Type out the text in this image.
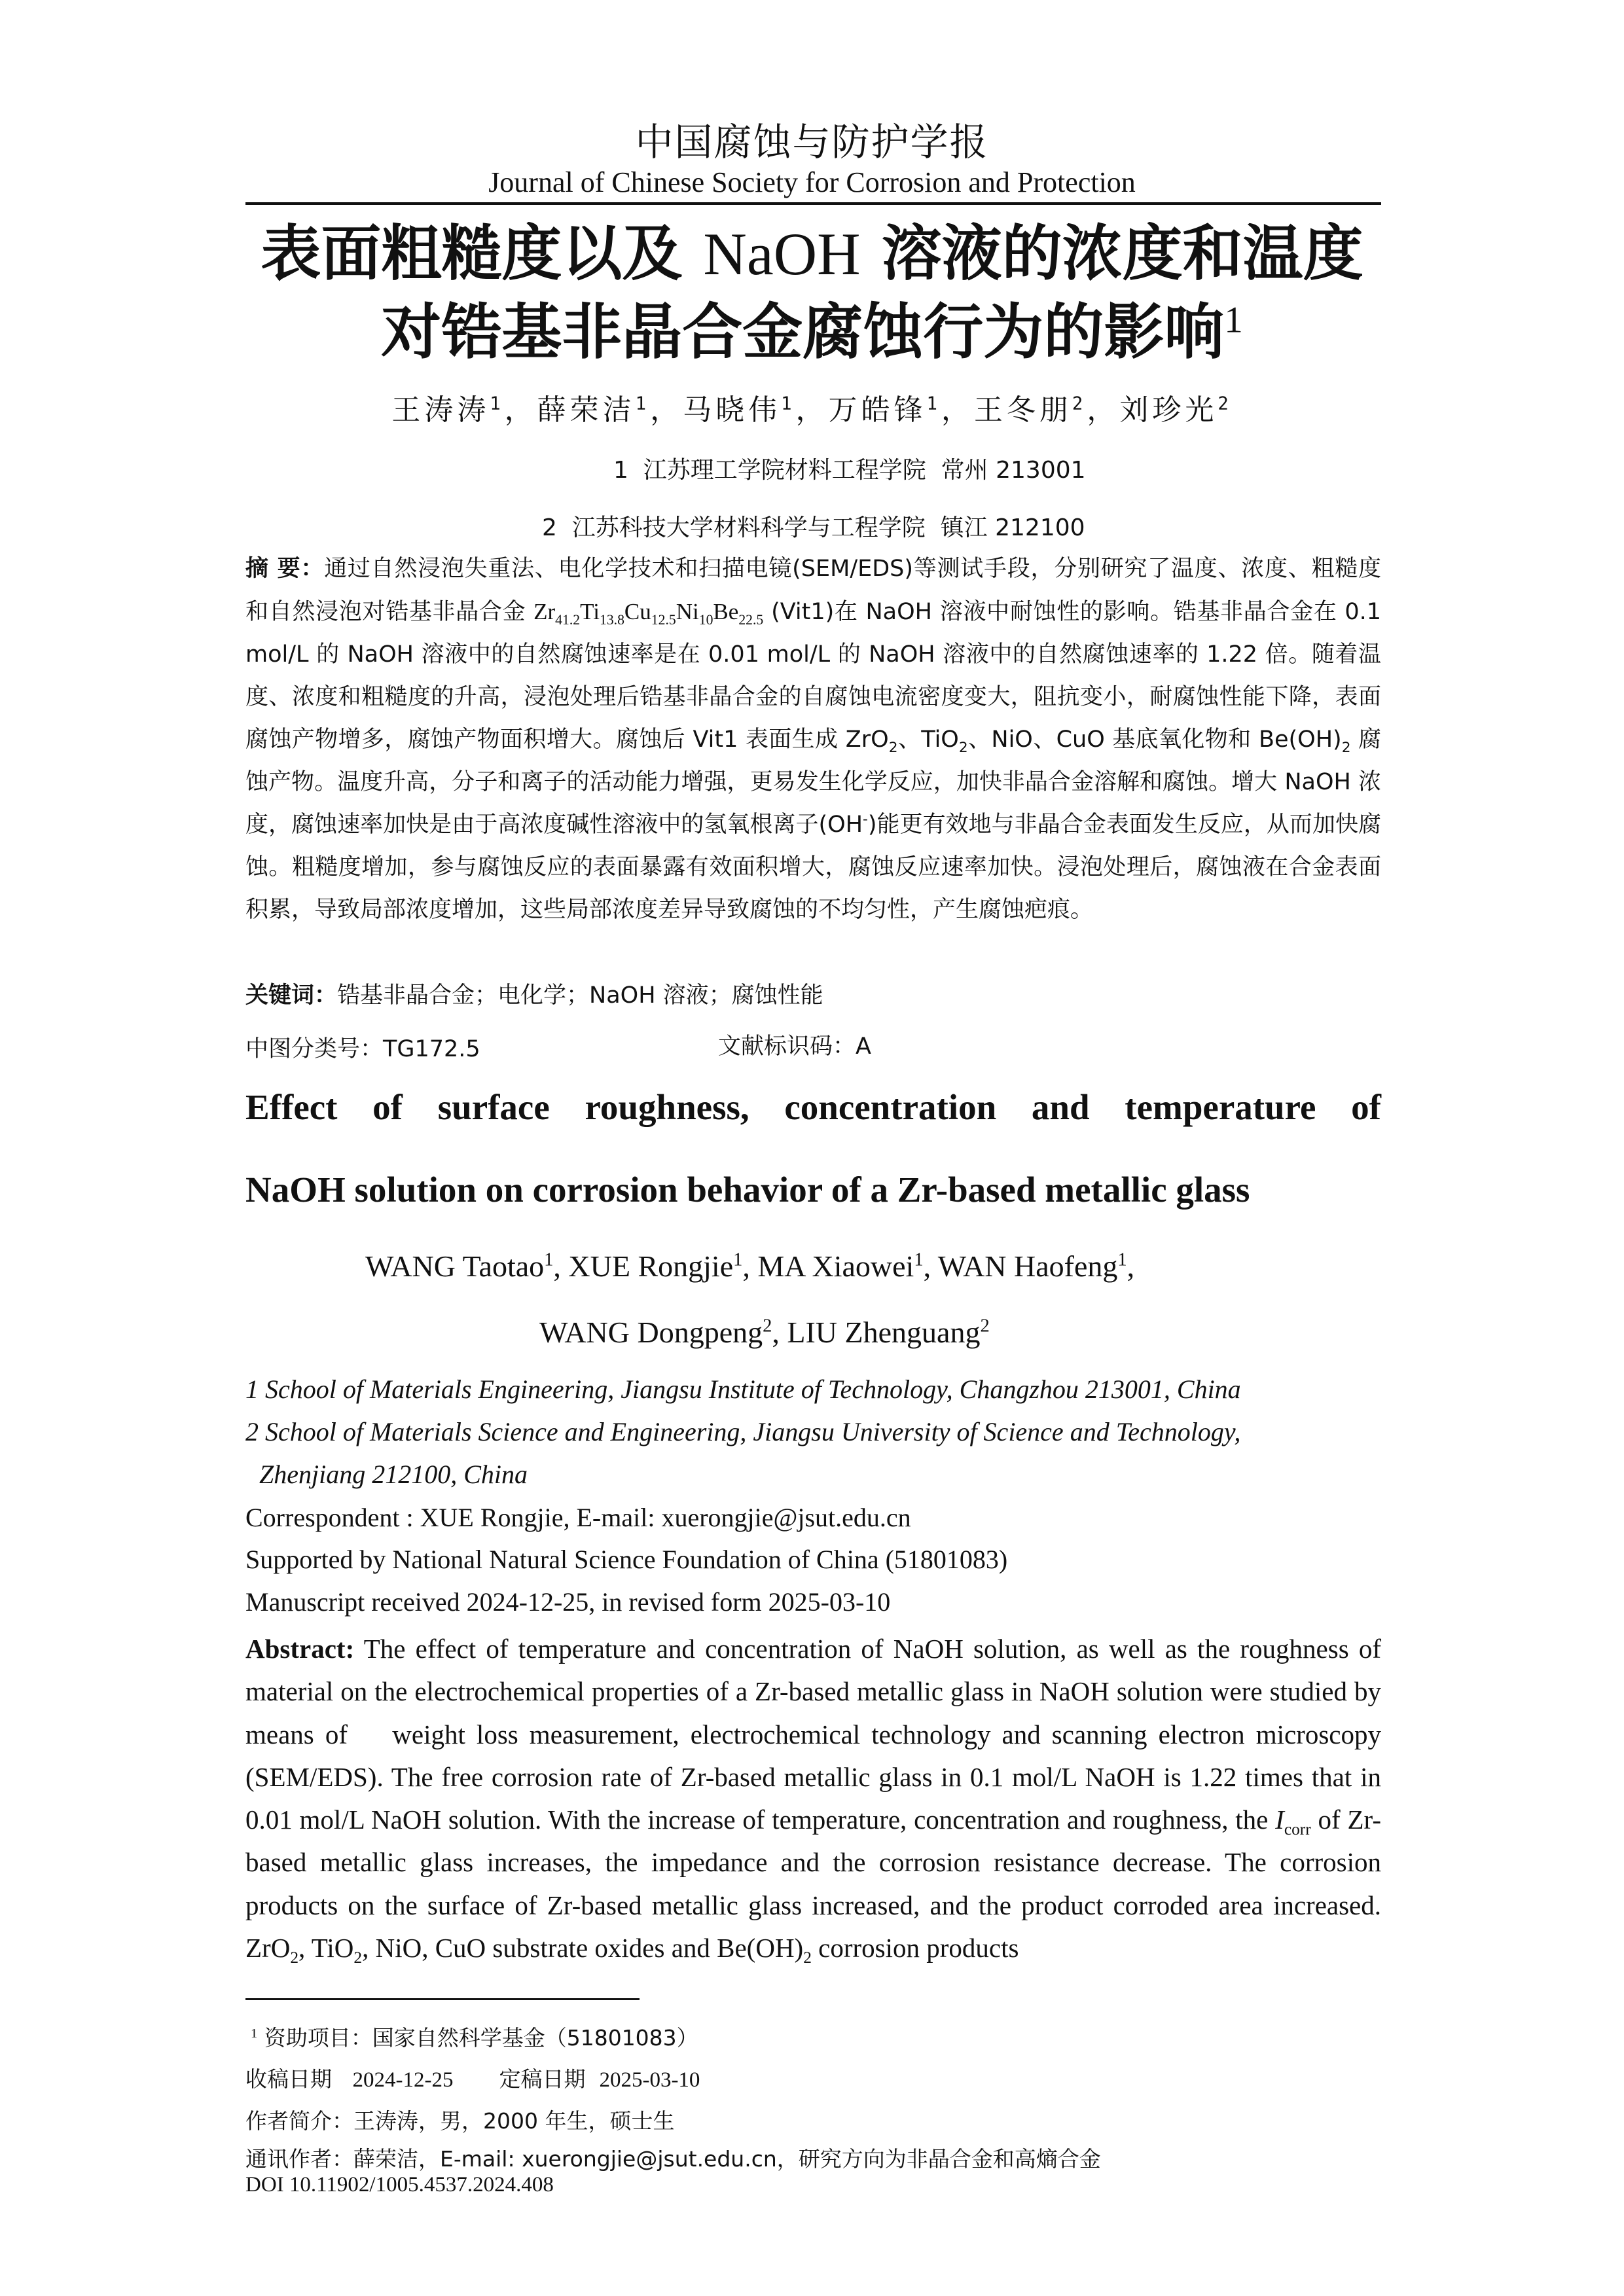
中国腐蚀与防护学报
Journal of Chinese Society for Corrosion and Protection
表面粗糙度以及 NaOH 溶液的浓度和温度
对锆基非晶合金腐蚀行为的影响$^1$
王涛涛$^1$，薛荣洁$^1$，马晓伟$^1$，万皓锋$^1$，王冬朋$^2$，刘珍光$^2$
1  江苏理工学院材料工程学院  常州 213001
2  江苏科技大学材料科学与工程学院  镇江 212100
摘 要：通过自然浸泡失重法、电化学技术和扫描电镜(SEM/EDS)等测试手段，分别研究了温度、浓度、粗糙度和自然浸泡对锆基非晶合金 $Zr_{41.2}Ti_{13.8}Cu_{12.5}Ni_{10}Be_{22.5}$ (Vit1)在 NaOH 溶液中耐蚀性的影响。锆基非晶合金在 0.1 mol/L 的 NaOH 溶液中的自然腐蚀速率是在 0.01 mol/L 的 NaOH 溶液中的自然腐蚀速率的 1.22 倍。随着温度、浓度和粗糙度的升高，浸泡处理后锆基非晶合金的自腐蚀电流密度变大，阻抗变小，耐腐蚀性能下降，表面腐蚀产物增多，腐蚀产物面积增大。腐蚀后 Vit1 表面生成 ZrO$_2$、TiO$_2$、NiO、CuO 基底氧化物和 $Be(OH)_2$ 腐蚀产物。温度升高，分子和离子的活动能力增强，更易发生化学反应，加快非晶合金溶解和腐蚀。增大 NaOH 浓度，腐蚀速率加快是由于高浓度碱性溶液中的氢氧根离子(OH-)能更有效地与非晶合金表面发生反应，从而加快腐蚀。粗糙度增加，参与腐蚀反应的表面暴露有效面积增大，腐蚀反应速率加快。浸泡处理后，腐蚀液在合金表面积累，导致局部浓度增加，这些局部浓度差异导致腐蚀的不均匀性，产生腐蚀疤痕。
关键词：锆基非晶合金；电化学；NaOH 溶液；腐蚀性能
中图分类号：TG172.5	文献标识码：A
Effect of surface roughness, concentration and temperature of
NaOH solution on corrosion behavior of a Zr-based metallic glass
WANG Taotao$^1$, XUE Rongjie$^1$, MA Xiaowei$^1$, WAN Haofeng$^1$,
WANG Dongpeng$^2$, LIU Zhenguang$^2$
1 School of Materials Engineering, Jiangsu Institute of Technology, Changzhou 213001, China
2 School of Materials Science and Engineering, Jiangsu University of Science and Technology,
Zhenjiang 212100, China
Correspondent : XUE Rongjie, E-mail: xuerongjie@jsut.edu.cn
Supported by National Natural Science Foundation of China (51801083)
Manuscript received 2024-12-25, in revised form 2025-03-10
Abstract: The effect of temperature and concentration of NaOH solution, as well as the roughness of material on the electrochemical properties of a Zr-based metallic glass in NaOH solution were studied by means of    weight loss measurement, electrochemical technology and scanning electron microscopy (SEM/EDS). The free corrosion rate of Zr-based metallic glass in 0.1 mol/L NaOH is 1.22 times that in 0.01 mol/L NaOH solution. With the increase of temperature, concentration and roughness, the $I_{corr}$ of Zr-based metallic glass increases, the impedance and the corrosion resistance decrease. The corrosion products on the surface of Zr-based metallic glass increased, and the product corroded area increased. ZrO$_2$, TiO$_2$, NiO, CuO substrate oxides and $Be(OH)_2$ corrosion products
$^1$ 资助项目：国家自然科学基金（51801083）
收稿日期 2024-12-25 定稿日期 2025-03-10
作者简介：王涛涛，男，2000 年生，硕士生
通讯作者：薛荣洁，E-mail: xuerongjie@jsut.edu.cn，研究方向为非晶合金和高熵合金
DOI 10.11902/1005.4537.2024.408
